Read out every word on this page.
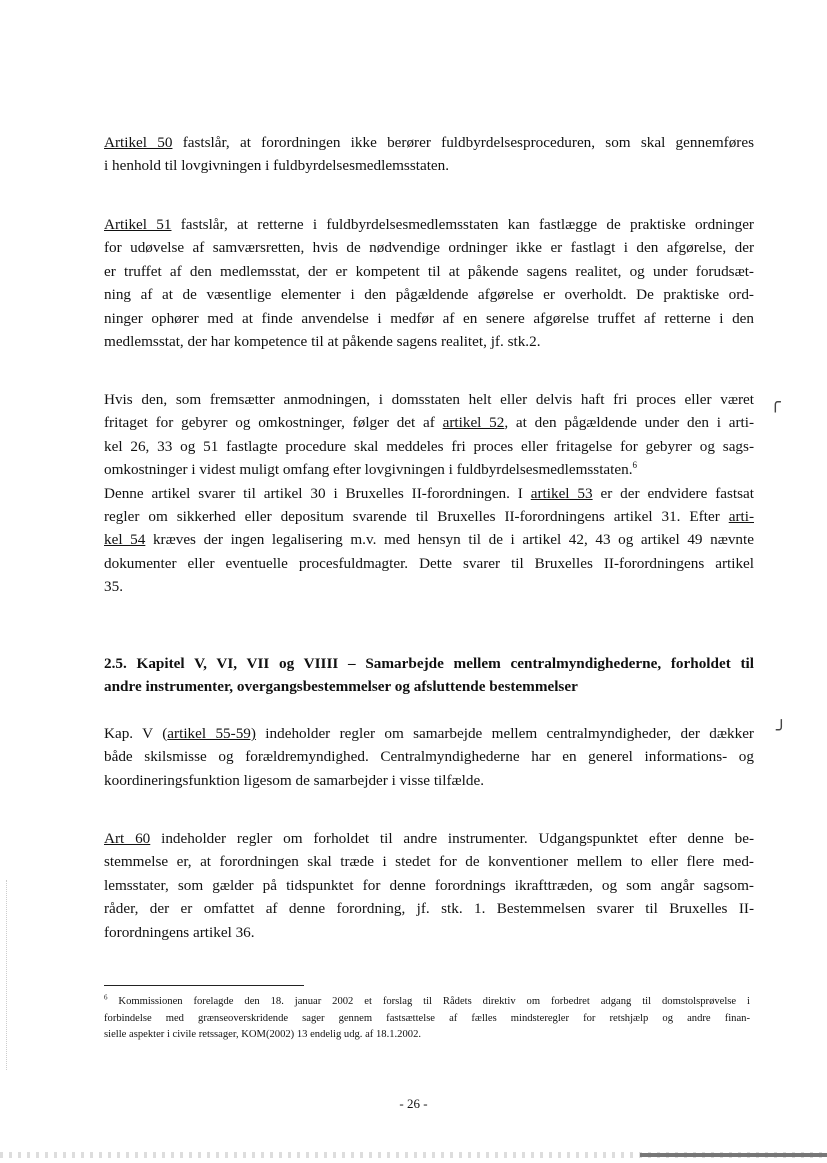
Artikel 50 fastslår, at forordningen ikke berører fuldbyrdelsesproceduren, som skal gennemføres
i henhold til lovgivningen i fuldbyrdelsesmedlemsstaten.

Artikel 51 fastslår, at retterne i fuldbyrdelsesmedlemsstaten kan fastlægge de praktiske ordninger
for udøvelse af samværsretten, hvis de nødvendige ordninger ikke er fastlagt i den afgørelse, der
er truffet af den medlemsstat, der er kompetent til at påkende sagens realitet, og under forudsæt-
ning af at de væsentlige elementer i den pågældende afgørelse er overholdt. De praktiske ord-
ninger ophører med at finde anvendelse i medfør af en senere afgørelse truffet af retterne i den
medlemsstat, der har kompetence til at påkende sagens realitet, jf. stk.2.

Hvis den, som fremsætter anmodningen, i domsstaten helt eller delvis haft fri proces eller været
fritaget for gebyrer og omkostninger, følger det af artikel 52, at den pågældende under den i arti-
kel 26, 33 og 51 fastlagte procedure skal meddeles fri proces eller fritagelse for gebyrer og sags-
omkostninger i videst muligt omfang efter lovgivningen i fuldbyrdelsesmedlemsstaten.$^6$
Denne artikel svarer til artikel 30 i Bruxelles II-forordningen. I artikel 53 er der endvidere fastsat
regler om sikkerhed eller depositum svarende til Bruxelles II-forordningens artikel 31. Efter arti-
kel 54 kræves der ingen legalisering m.v. med hensyn til de i artikel 42, 43 og artikel 49 nævnte
dokumenter eller eventuelle procesfuldmagter. Dette svarer til Bruxelles II-forordningens artikel
35.

2.5. Kapitel V, VI, VII og VIIII – Samarbejde mellem centralmyndighederne, forholdet til
andre instrumenter, overgangsbestemmelser og afsluttende bestemmelser

Kap. V (artikel 55-59) indeholder regler om samarbejde mellem centralmyndigheder, der dækker
både skilsmisse og forældremyndighed. Centralmyndighederne har en generel informations- og
koordineringsfunktion ligesom de samarbejder i visse tilfælde.

Art 60 indeholder regler om forholdet til andre instrumenter. Udgangspunktet efter denne be-
stemmelse er, at forordningen skal træde i stedet for de konventioner mellem to eller flere med-
lemsstater, som gælder på tidspunktet for denne forordnings ikrafttræden, og som angår sagsom-
råder, der er omfattet af denne forordning, jf. stk. 1. Bestemmelsen svarer til Bruxelles II-
forordningens artikel 36.

$^6$ Kommissionen forelagde den 18. januar 2002 et forslag til Rådets direktiv om forbedret adgang til domstolsprøvelse i
forbindelse med grænseoverskridende sager gennem fastsættelse af fælles mindsteregler for retshjælp og andre finan-
sielle aspekter i civile retssager, KOM(2002) 13 endelig udg. af 18.1.2002.

- 26 -
╭
╯
